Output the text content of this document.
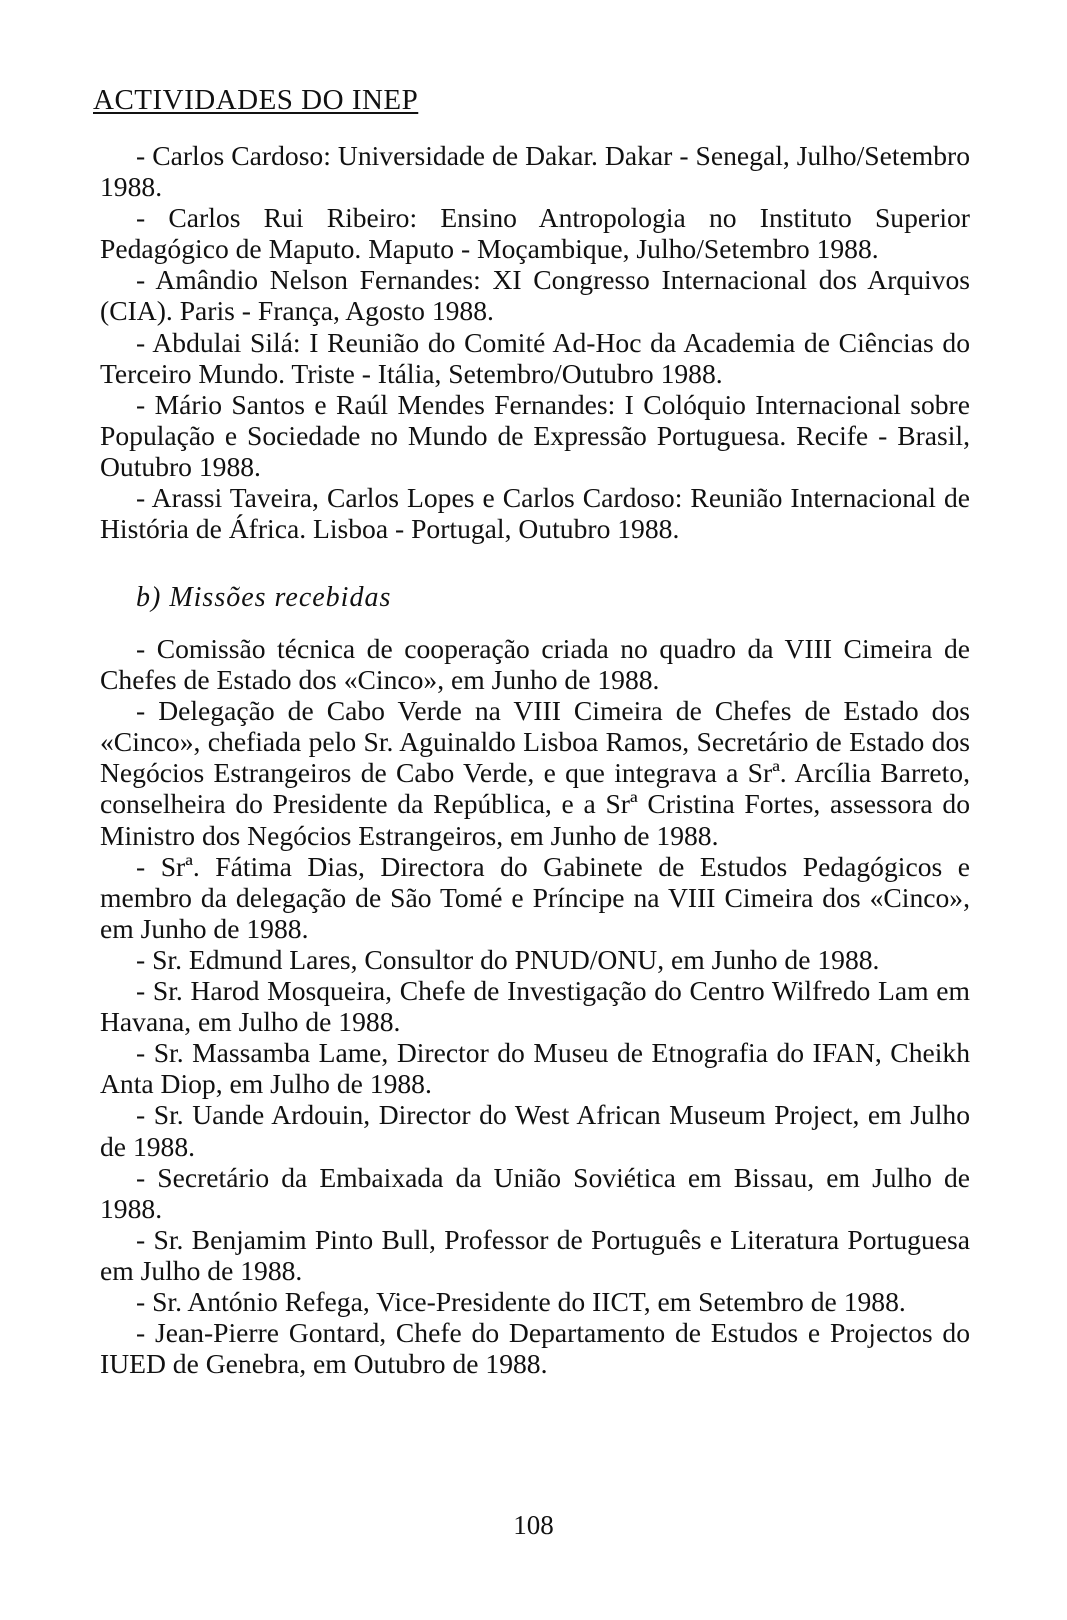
ACTIVIDADES DO INEP

- Carlos Cardoso: Universidade de Dakar. Dakar - Senegal, Julho/Setembro 1988.

- Carlos Rui Ribeiro: Ensino Antropologia no Instituto Superior Pedagógico de Maputo. Maputo - Moçambique, Julho/Setembro 1988.

- Amândio Nelson Fernandes: XI Congresso Internacional dos Arquivos (CIA). Paris - França, Agosto 1988.

- Abdulai Silá: I Reunião do Comité Ad-Hoc da Academia de Ciências do Terceiro Mundo. Triste - Itália, Setembro/Outubro 1988.

- Mário Santos e Raúl Mendes Fernandes: I Colóquio Internacional sobre População e Sociedade no Mundo de Expressão Portuguesa. Recife - Brasil, Outubro 1988.

- Arassi Taveira, Carlos Lopes e Carlos Cardoso: Reunião Internacional de História de África. Lisboa - Portugal, Outubro 1988.

b) Missões recebidas

- Comissão técnica de cooperação criada no quadro da VIII Cimeira de Chefes de Estado dos «Cinco», em Junho de 1988.

- Delegação de Cabo Verde na VIII Cimeira de Chefes de Estado dos «Cinco», chefiada pelo Sr. Aguinaldo Lisboa Ramos, Secretário de Estado dos Negócios Estrangeiros de Cabo Verde, e que integrava a Srª. Arcília Barreto, conselheira do Presidente da República, e a Srª Cristina Fortes, assessora do Ministro dos Negócios Estrangeiros, em Junho de 1988.

- Srª. Fátima Dias, Directora do Gabinete de Estudos Pedagógicos e membro da delegação de São Tomé e Príncipe na VIII Cimeira dos «Cinco», em Junho de 1988.

- Sr. Edmund Lares, Consultor do PNUD/ONU, em Junho de 1988.

- Sr. Harod Mosqueira, Chefe de Investigação do Centro Wilfredo Lam em Havana, em Julho de 1988.

- Sr. Massamba Lame, Director do Museu de Etnografia do IFAN, Cheikh Anta Diop, em Julho de 1988.

- Sr. Uande Ardouin, Director do West African Museum Project, em Julho de 1988.

- Secretário da Embaixada da União Soviética em Bissau, em Julho de 1988.

- Sr. Benjamim Pinto Bull, Professor de Português e Literatura Portuguesa em Julho de 1988.

- Sr. António Refega, Vice-Presidente do IICT, em Setembro de 1988.

- Jean-Pierre Gontard, Chefe do Departamento de Estudos e Projectos do IUED de Genebra, em Outubro de 1988.

108
